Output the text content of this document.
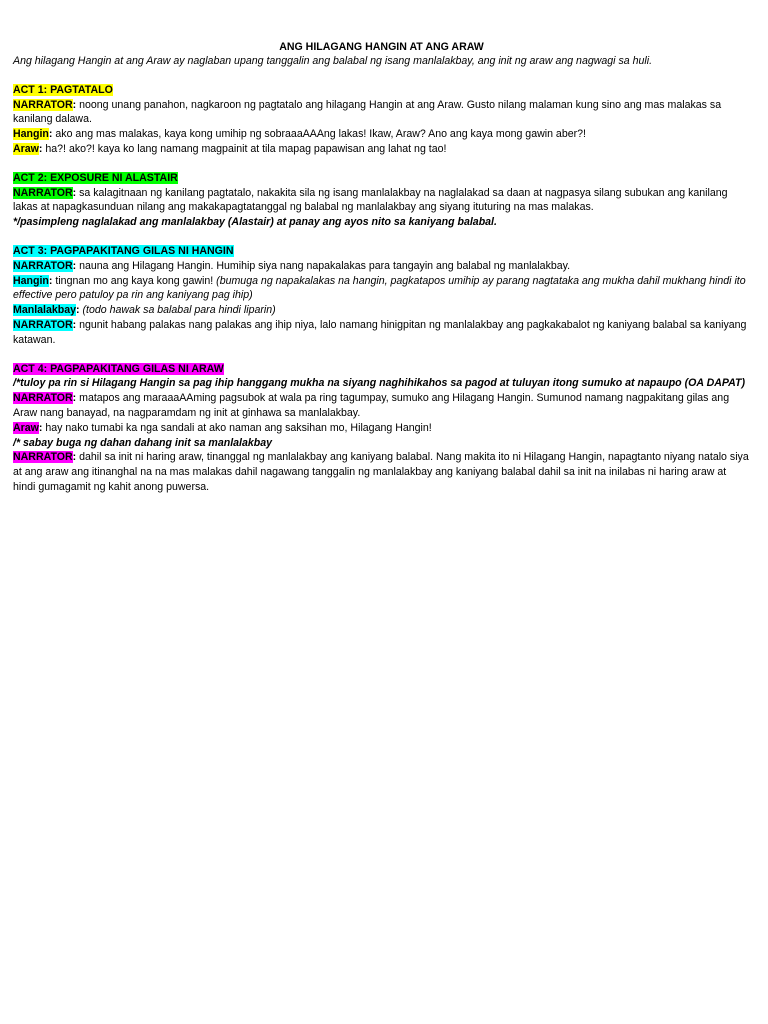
ANG HILAGANG HANGIN AT ANG ARAW

Ang hilagang Hangin at ang Araw ay naglaban upang tanggalin ang balabal ng isang manlalakbay, ang init ng araw ang nagwagi sa huli.

ACT 1: PAGTATALO

NARRATOR: noong unang panahon, nagkaroon ng pagtatalo ang hilagang Hangin at ang Araw. Gusto nilang malaman kung sino ang mas malakas sa kanilang dalawa.

Hangin: ako ang mas malakas, kaya kong umihip ng sobraaaAAAng lakas! Ikaw, Araw? Ano ang kaya mong gawin aber?!

Araw: ha?! ako?! kaya ko lang namang magpainit at tila mapag papawisan ang lahat ng tao!

ACT 2: EXPOSURE NI ALASTAIR

NARRATOR: sa kalagitnaan ng kanilang pagtatalo, nakakita sila ng isang manlalakbay na naglalakad sa daan at nagpasya silang subukan ang kanilang lakas at napagkasunduan nilang ang makakapagtatanggal ng balabal ng manlalakbay ang siyang ituturing na mas malakas.

*/pasimpleng naglalakad ang manlalakbay (Alastair) at panay ang ayos nito sa kaniyang balabal.

ACT 3: PAGPAPAKITANG GILAS NI HANGIN

NARRATOR: nauna ang Hilagang Hangin. Humihip siya nang napakalakas para tangayin ang balabal ng manlalakbay.

Hangin: tingnan mo ang kaya kong gawin! (bumuga ng napakalakas na hangin, pagkatapos umihip ay parang nagtataka ang mukha dahil mukhang hindi ito effective pero patuloy pa rin ang kaniyang pag ihip)

Manlalakbay: (todo hawak sa balabal para hindi liparin)

NARRATOR: ngunit habang palakas nang palakas ang ihip niya, lalo namang hinigpitan ng manlalakbay ang pagkakabalot ng kaniyang balabal sa kaniyang katawan.

ACT 4: PAGPAPAKITANG GILAS NI ARAW

/*tuloy pa rin si Hilagang Hangin sa pag ihip hanggang mukha na siyang naghihikahos sa pagod at tuluyan itong sumuko at napaupo (OA DAPAT)

NARRATOR: matapos ang maraaaAAming pagsubok at wala pa ring tagumpay, sumuko ang Hilagang Hangin. Sumunod namang nagpakitang gilas ang Araw nang banayad, na nagparamdam ng init at ginhawa sa manlalakbay.

Araw: hay nako tumabi ka nga sandali at ako naman ang saksihan mo, Hilagang Hangin!

/* sabay buga ng dahan dahang init sa manlalakbay

NARRATOR: dahil sa init ni haring araw, tinanggal ng manlalakbay ang kaniyang balabal. Nang makita ito ni Hilagang Hangin, napagtanto niyang natalo siya at ang araw ang itinanghal na na mas malakas dahil nagawang tanggalin ng manlalakbay ang kaniyang balabal dahil sa init na inilabas ni haring araw at hindi gumagamit ng kahit anong puwersa.
